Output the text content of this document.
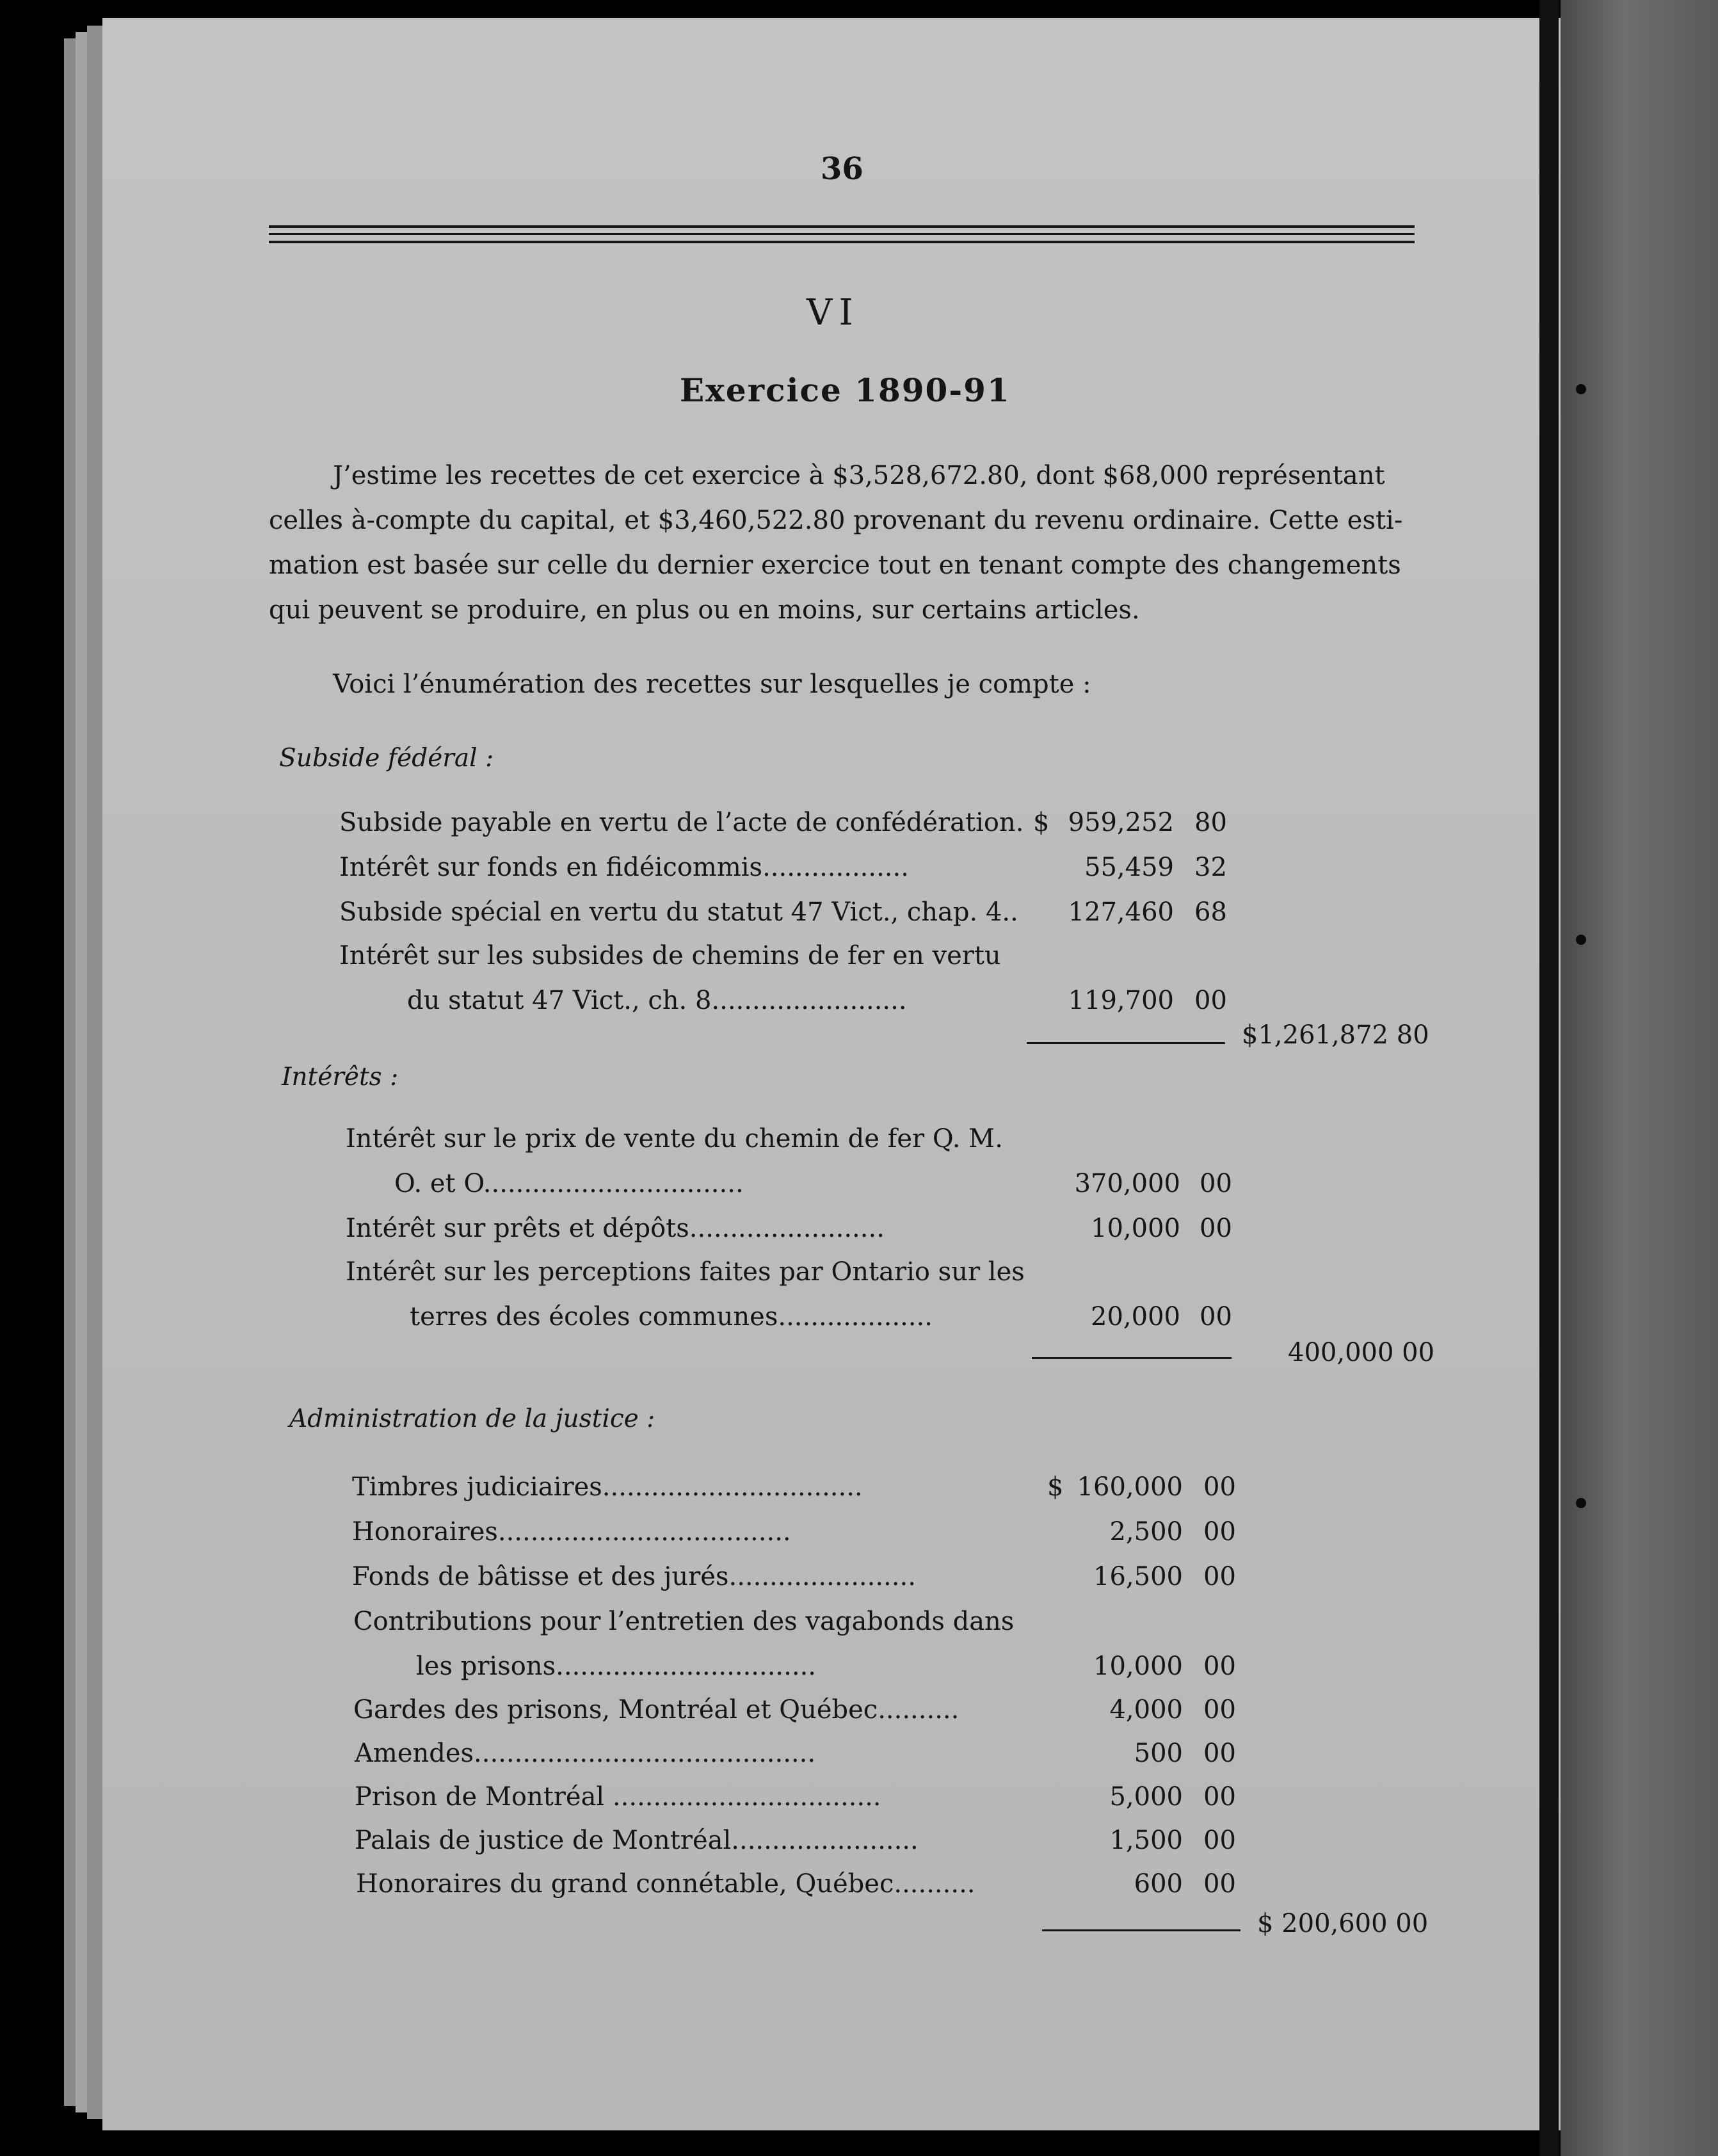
36
VI
Exercice 1890-91
J’estime les recettes de cet exercice à $3,528,672.80, dont $68,000 représentant
celles à-compte du capital, et $3,460,522.80 provenant du revenu ordinaire. Cette esti-
mation est basée sur celle du dernier exercice tout en tenant compte des changements
qui peuvent se produire, en plus ou en moins, sur certains articles.
Voici l’énumération des recettes sur lesquelles je compte :
Subside fédéral :
Subside payable en vertu de l’acte de confédération. $ 959,252 80
Intérêt sur fonds en fidéicommis..................	55,459 32
Subside spécial en vertu du statut 47 Vict., chap. 4.. 127,460 68
Intérêt sur les subsides de chemins de fer en vertu
du statut 47 Vict., ch. 8........................	119,700 00
$1,261,872 80
Intérêts :
Intérêt sur le prix de vente du chemin de fer Q. M.
O. et O................................	370,000 00
Intérêt sur prêts et dépôts........................	10,000 00
Intérêt sur les perceptions faites par Ontario sur les
terres des écoles communes...................	20,000 00
400,000 00
Administration de la justice :
Timbres judiciaires................................	$ 160,000 00
Honoraires....................................	2,500 00
Fonds de bâtisse et des jurés.......................	16,500 00
Contributions pour l’entretien des vagabonds dans
les prisons................................	10,000 00
Gardes des prisons, Montréal et Québec..........	4,000 00
Amendes..........................................	500 00
Prison de Montréal .................................	5,000 00
Palais de justice de Montréal.......................	1,500 00
Honoraires du grand connétable, Québec..........	600 00
$ 200,600 00
